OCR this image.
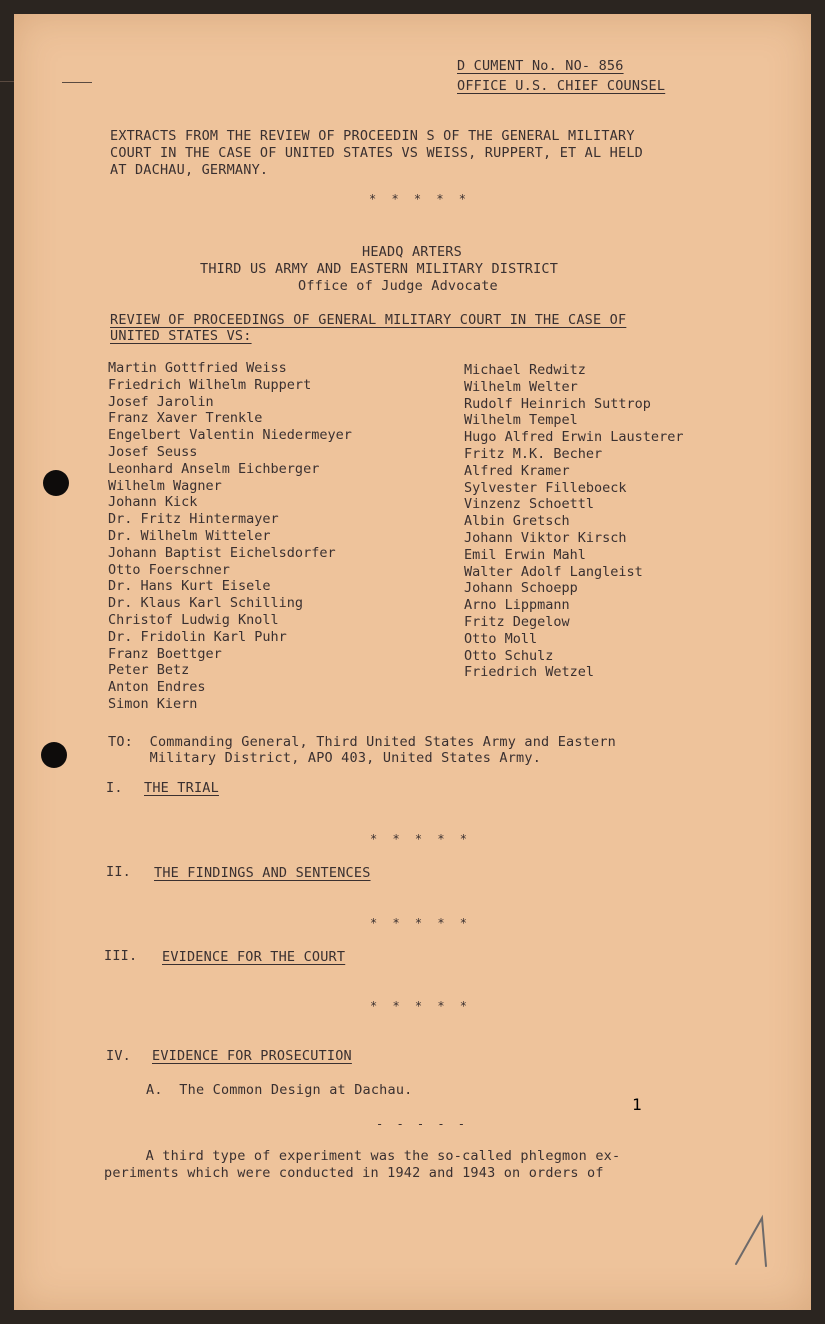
D CUMENT No. NO- 856
OFFICE U.S. CHIEF COUNSEL
EXTRACTS FROM THE REVIEW OF PROCEEDIN S OF THE GENERAL MILITARY
COURT IN THE CASE OF UNITED STATES VS WEISS, RUPPERT, ET AL HELD
AT DACHAU, GERMANY.
* * * * *
HEADQ ARTERS
THIRD US ARMY AND EASTERN MILITARY DISTRICT
Office of Judge Advocate
REVIEW OF PROCEEDINGS OF GENERAL MILITARY COURT IN THE CASE OF
UNITED STATES VS:
Martin Gottfried Weiss
Friedrich Wilhelm Ruppert
Josef Jarolin
Franz Xaver Trenkle
Engelbert Valentin Niedermeyer
Josef Seuss
Leonhard Anselm Eichberger
Wilhelm Wagner
Johann Kick
Dr. Fritz Hintermayer
Dr. Wilhelm Witteler
Johann Baptist Eichelsdorfer
Otto Foerschner
Dr. Hans Kurt Eisele
Dr. Klaus Karl Schilling
Christof Ludwig Knoll
Dr. Fridolin Karl Puhr
Franz Boettger
Peter Betz
Anton Endres
Simon Kiern
Michael Redwitz
Wilhelm Welter
Rudolf Heinrich Suttrop
Wilhelm Tempel
Hugo Alfred Erwin Lausterer
Fritz M.K. Becher
Alfred Kramer
Sylvester Filleboeck
Vinzenz Schoettl
Albin Gretsch
Johann Viktor Kirsch
Emil Erwin Mahl
Walter Adolf Langleist
Johann Schoepp
Arno Lippmann
Fritz Degelow
Otto Moll
Otto Schulz
Friedrich Wetzel
TO:  Commanding General, Third United States Army and Eastern
Military District, APO 403, United States Army.
I. THE TRIAL
* * * * *
II. THE FINDINGS AND SENTENCES
* * * * *
III. EVIDENCE FOR THE COURT
* * * * *
IV. EVIDENCE FOR PROSECUTION
A.  The Common Design at Dachau.
- - - - -
A third type of experiment was the so-called phlegmon ex-
periments which were conducted in 1942 and 1943 on orders of
1
